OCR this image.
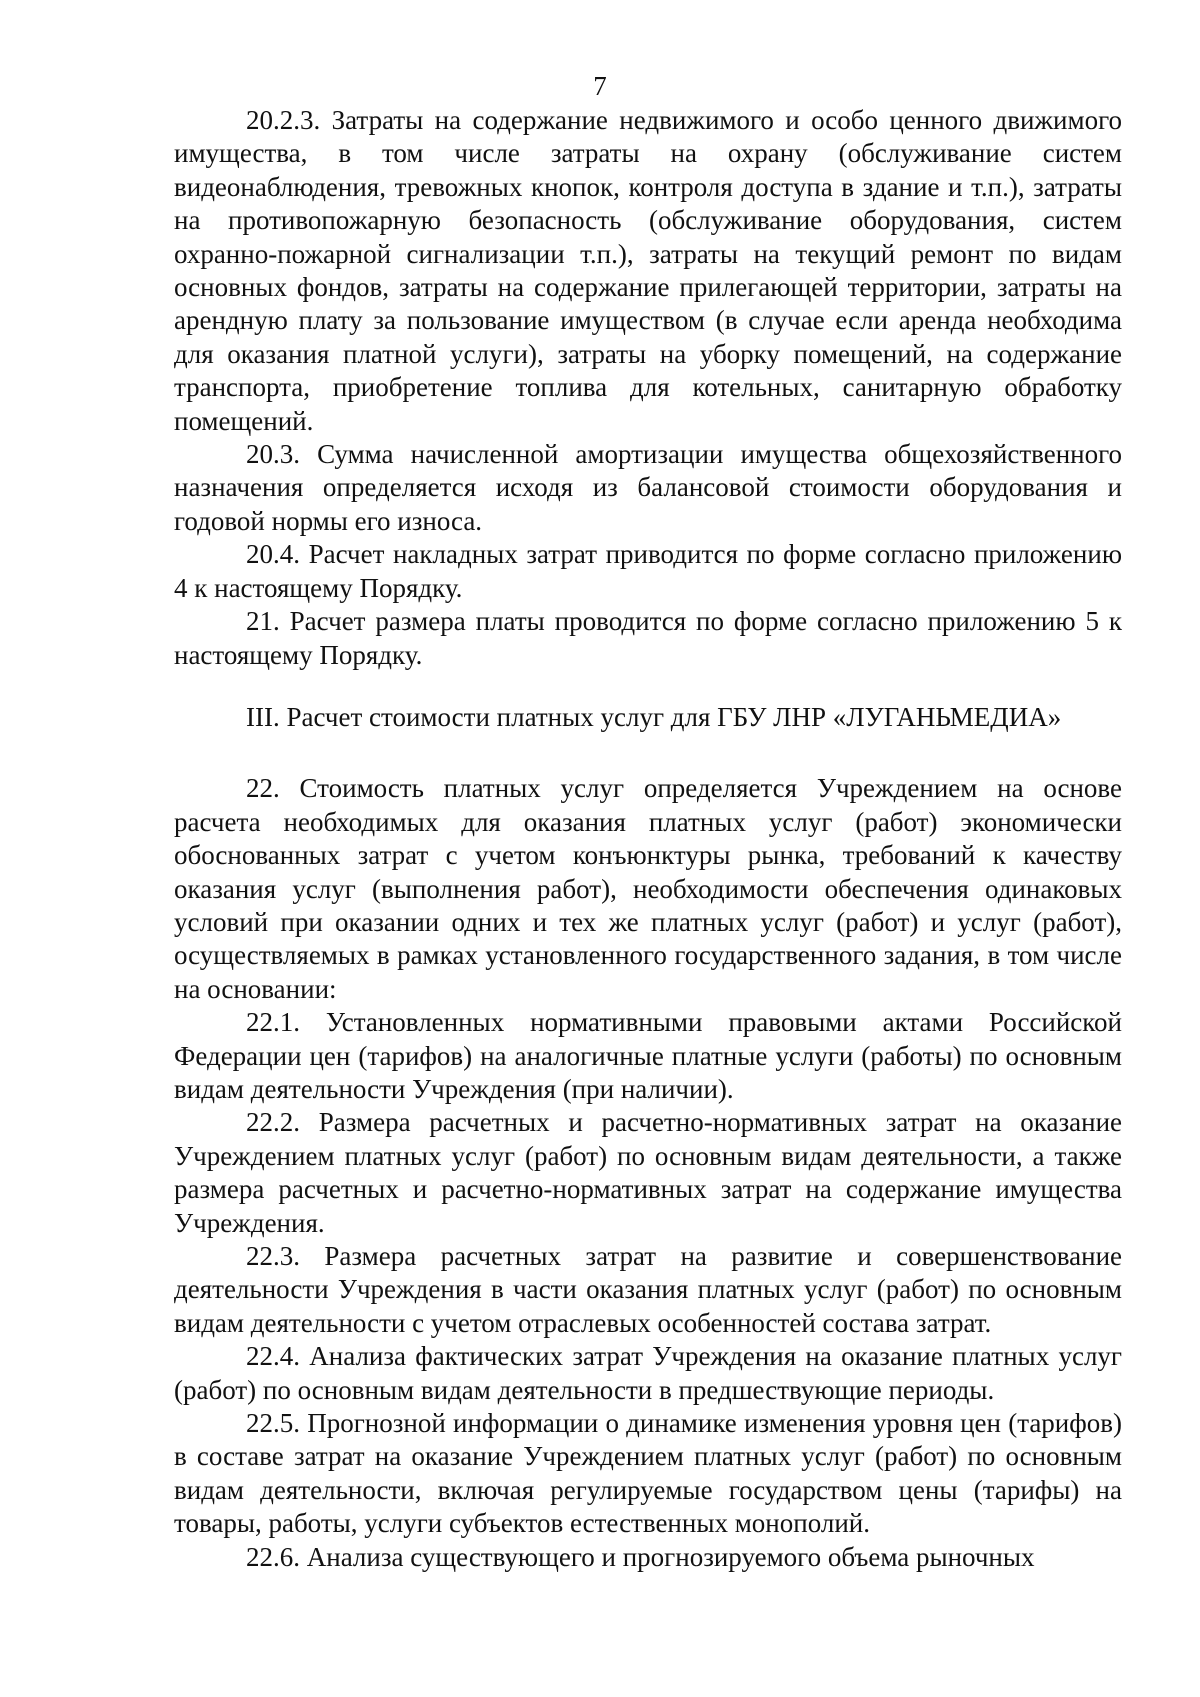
7

20.2.3. Затраты на содержание недвижимого и особо ценного движимого имущества, в том числе затраты на охрану (обслуживание систем видеонаблюдения, тревожных кнопок, контроля доступа в здание и т.п.), затраты на противопожарную безопасность (обслуживание оборудования, систем охранно-пожарной сигнализации т.п.), затраты на текущий ремонт по видам основных фондов, затраты на содержание прилегающей территории, затраты на арендную плату за пользование имуществом (в случае если аренда необходима для оказания платной услуги), затраты на уборку помещений, на содержание транспорта, приобретение топлива для котельных, санитарную обработку помещений.

20.3. Сумма начисленной амортизации имущества общехозяйственного назначения определяется исходя из балансовой стоимости оборудования и годовой нормы его износа.

20.4. Расчет накладных затрат приводится по форме согласно приложению 4 к настоящему Порядку.

21. Расчет размера платы проводится по форме согласно приложению 5 к настоящему Порядку.

III. Расчет стоимости платных услуг для ГБУ ЛНР «ЛУГАНЬМЕДИА»

22. Стоимость платных услуг определяется Учреждением на основе расчета необходимых для оказания платных услуг (работ) экономически обоснованных затрат с учетом конъюнктуры рынка, требований к качеству оказания услуг (выполнения работ), необходимости обеспечения одинаковых условий при оказании одних и тех же платных услуг (работ) и услуг (работ), осуществляемых в рамках установленного государственного задания, в том числе на основании:

22.1. Установленных нормативными правовыми актами Российской Федерации цен (тарифов) на аналогичные платные услуги (работы) по основным видам деятельности Учреждения (при наличии).

22.2. Размера расчетных и расчетно-нормативных затрат на оказание Учреждением платных услуг (работ) по основным видам деятельности, а также размера расчетных и расчетно-нормативных затрат на содержание имущества Учреждения.

22.3. Размера расчетных затрат на развитие и совершенствование деятельности Учреждения в части оказания платных услуг (работ) по основным видам деятельности с учетом отраслевых особенностей состава затрат.

22.4. Анализа фактических затрат Учреждения на оказание платных услуг (работ) по основным видам деятельности в предшествующие периоды.

22.5. Прогнозной информации о динамике изменения уровня цен (тарифов) в составе затрат на оказание Учреждением платных услуг (работ) по основным видам деятельности, включая регулируемые государством цены (тарифы) на товары, работы, услуги субъектов естественных монополий.

22.6. Анализа существующего и прогнозируемого объема рыночных
